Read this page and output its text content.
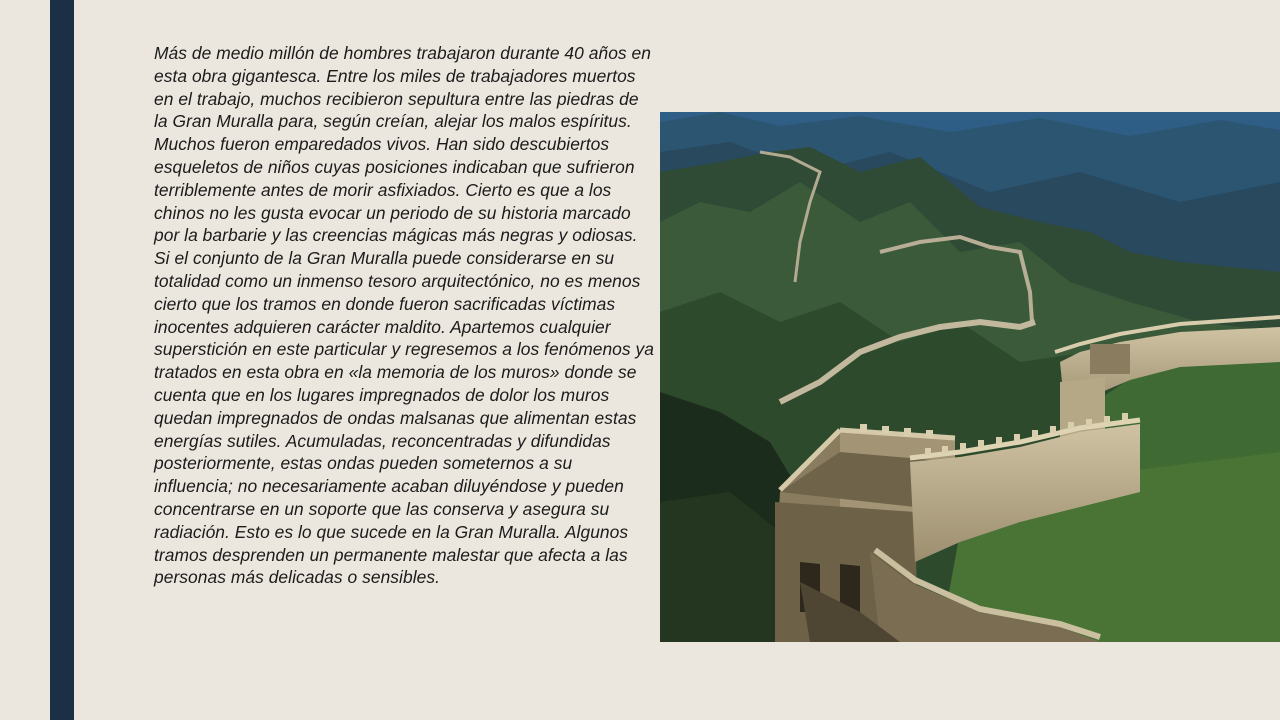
Más de medio millón de hombres trabajaron durante 40 años en esta obra gigantesca. Entre los miles de trabajadores muertos en el trabajo, muchos recibieron sepultura entre las piedras de la Gran Muralla para, según creían, alejar los malos espíritus. Muchos fueron emparedados vivos. Han sido descubiertos esqueletos de niños cuyas posiciones indicaban que sufrieron terriblemente antes de morir asfixiados. Cierto es que a los chinos no les gusta evocar un periodo de su historia marcado por la barbarie y las creencias mágicas más negras y odiosas. Si el conjunto de la Gran Muralla puede considerarse en su totalidad como un inmenso tesoro arquitectónico, no es menos cierto que los tramos en donde fueron sacrificadas víctimas inocentes adquieren carácter maldito. Apartemos cualquier superstición en este particular y regresemos a los fenómenos ya tratados en esta obra en «la memoria de los muros» donde se cuenta que en los lugares impregnados de dolor los muros quedan impregnados de ondas malsanas que alimentan estas energías sutiles. Acumuladas, reconcentradas y difundidas posteriormente, estas ondas pueden someternos a su influencia; no necesariamente acaban diluyéndose y pueden concentrarse en un soporte que las conserva y asegura su radiación. Esto es lo que sucede en la Gran Muralla. Algunos tramos desprenden un permanente malestar que afecta a las personas más delicadas o sensibles.
